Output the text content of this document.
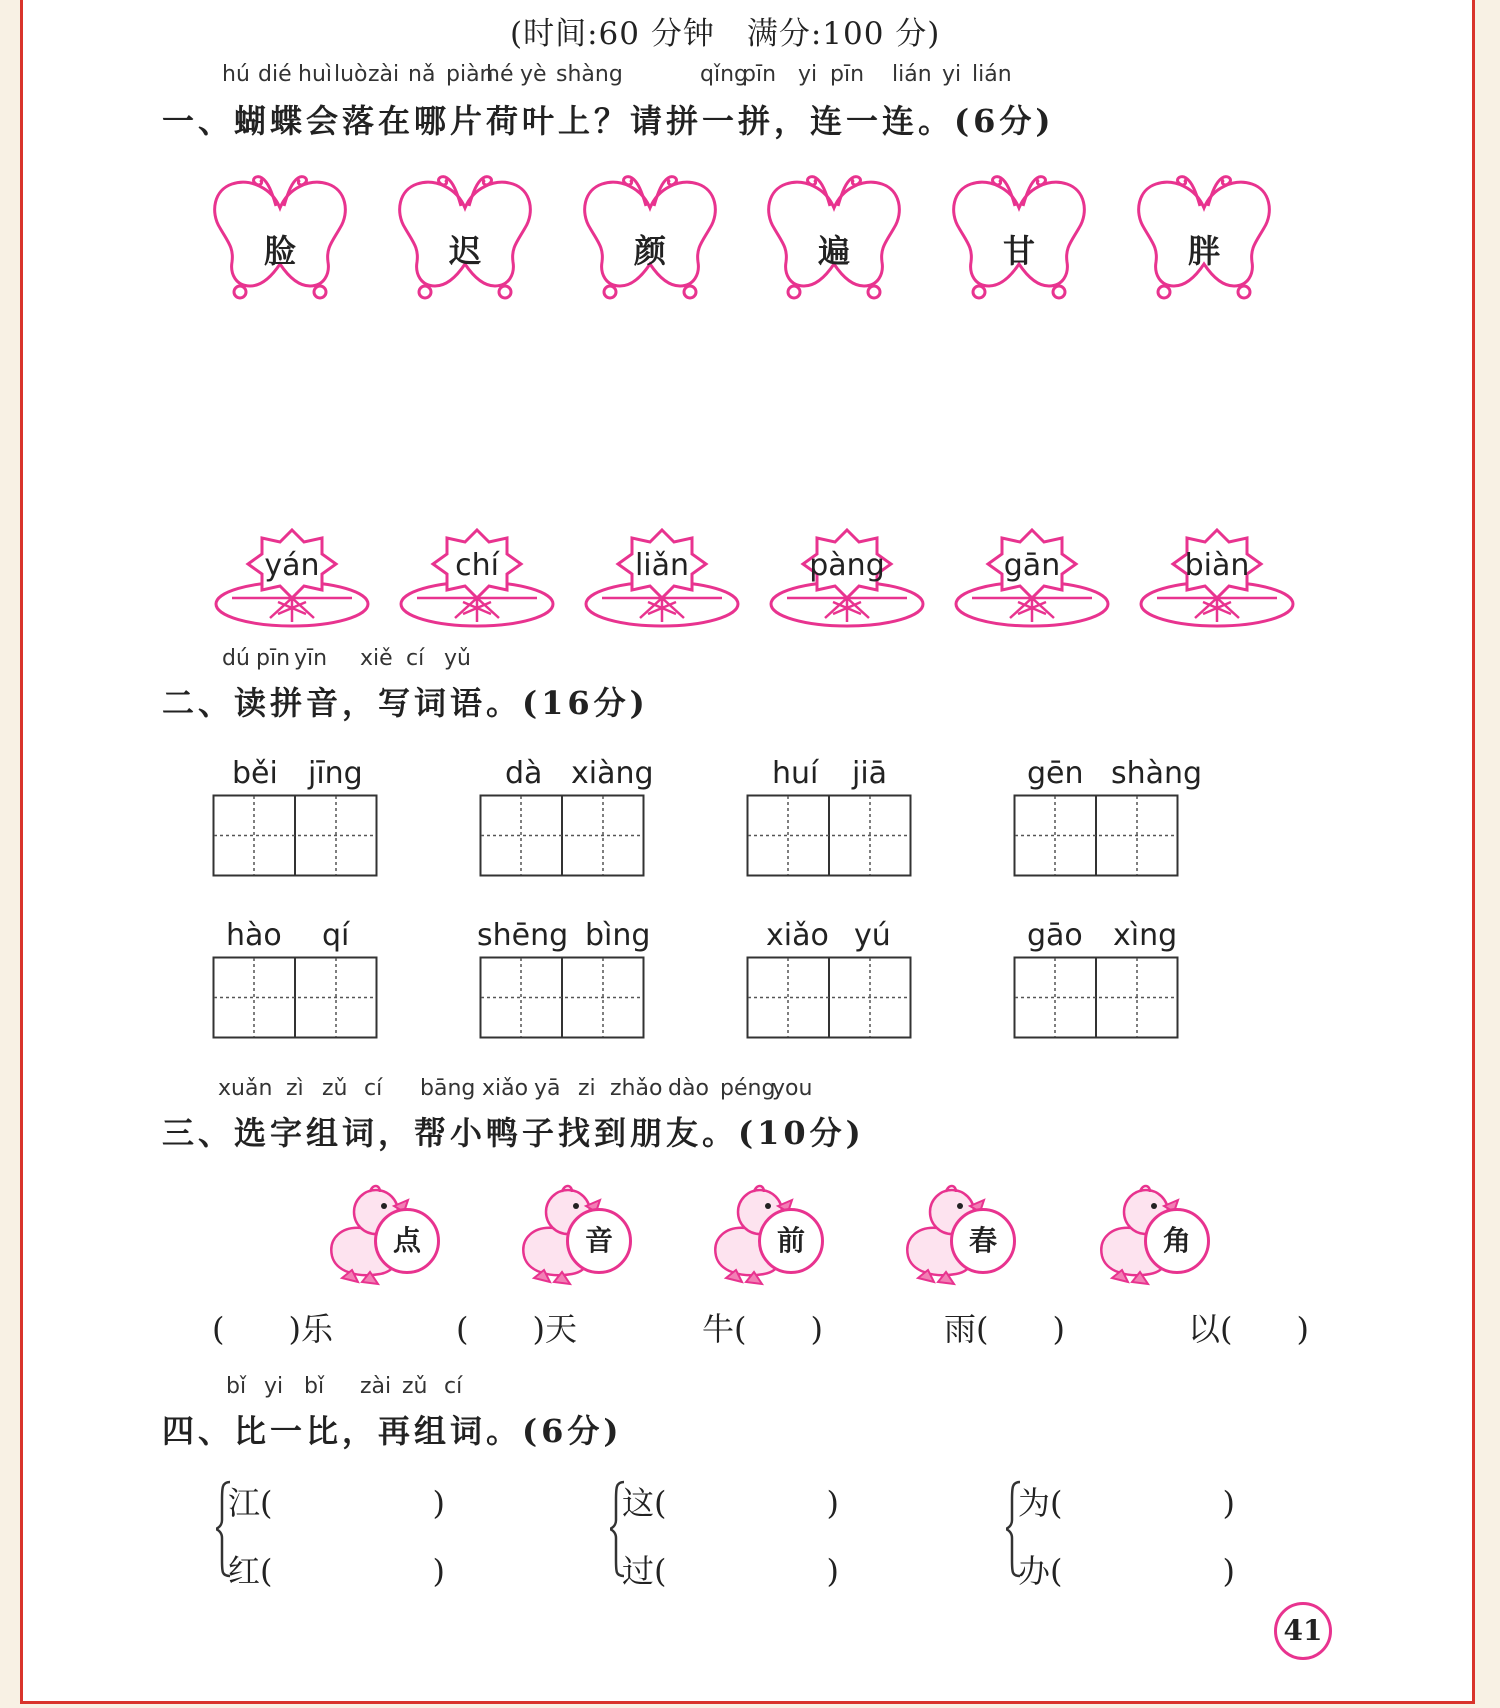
(时间:60 分钟　满分:100 分)
hú dié huì luò zài nǎ piàn
hé yè shàng	qǐng
pīn yi pīn lián yi lián
一、蝴蝶会落在哪片荷叶上？请拼一拼，连一连。(6分)
脸	迟	颜	遍	甘	胖
yán	chí	liǎn	pàng	gān	biàn
dú pīn yīn xiě cí yǔ
二、读拼音，写词语。(16分)
běi jīng	dà xiàng	huí jiā	gēn shàng
hào qí	shēng bìng	xiǎo yú	gāo xìng
xuǎn zì zǔ cí bāng xiǎo yā zi zhǎo dào péng
you
三、选字组词，帮小鸭子找到朋友。(10分)
点	音	前	春	角
(　　)乐	(　　)天	牛(　　)	雨(　　)	以(　　)
bǐ yi bǐ zài zǔ cí
四、比一比，再组词。(6分)
江(　　　　　)
红(　　　　　)
这(　　　　　)
过(　　　　　)
为(　　　　　)
办(　　　　　)
41
